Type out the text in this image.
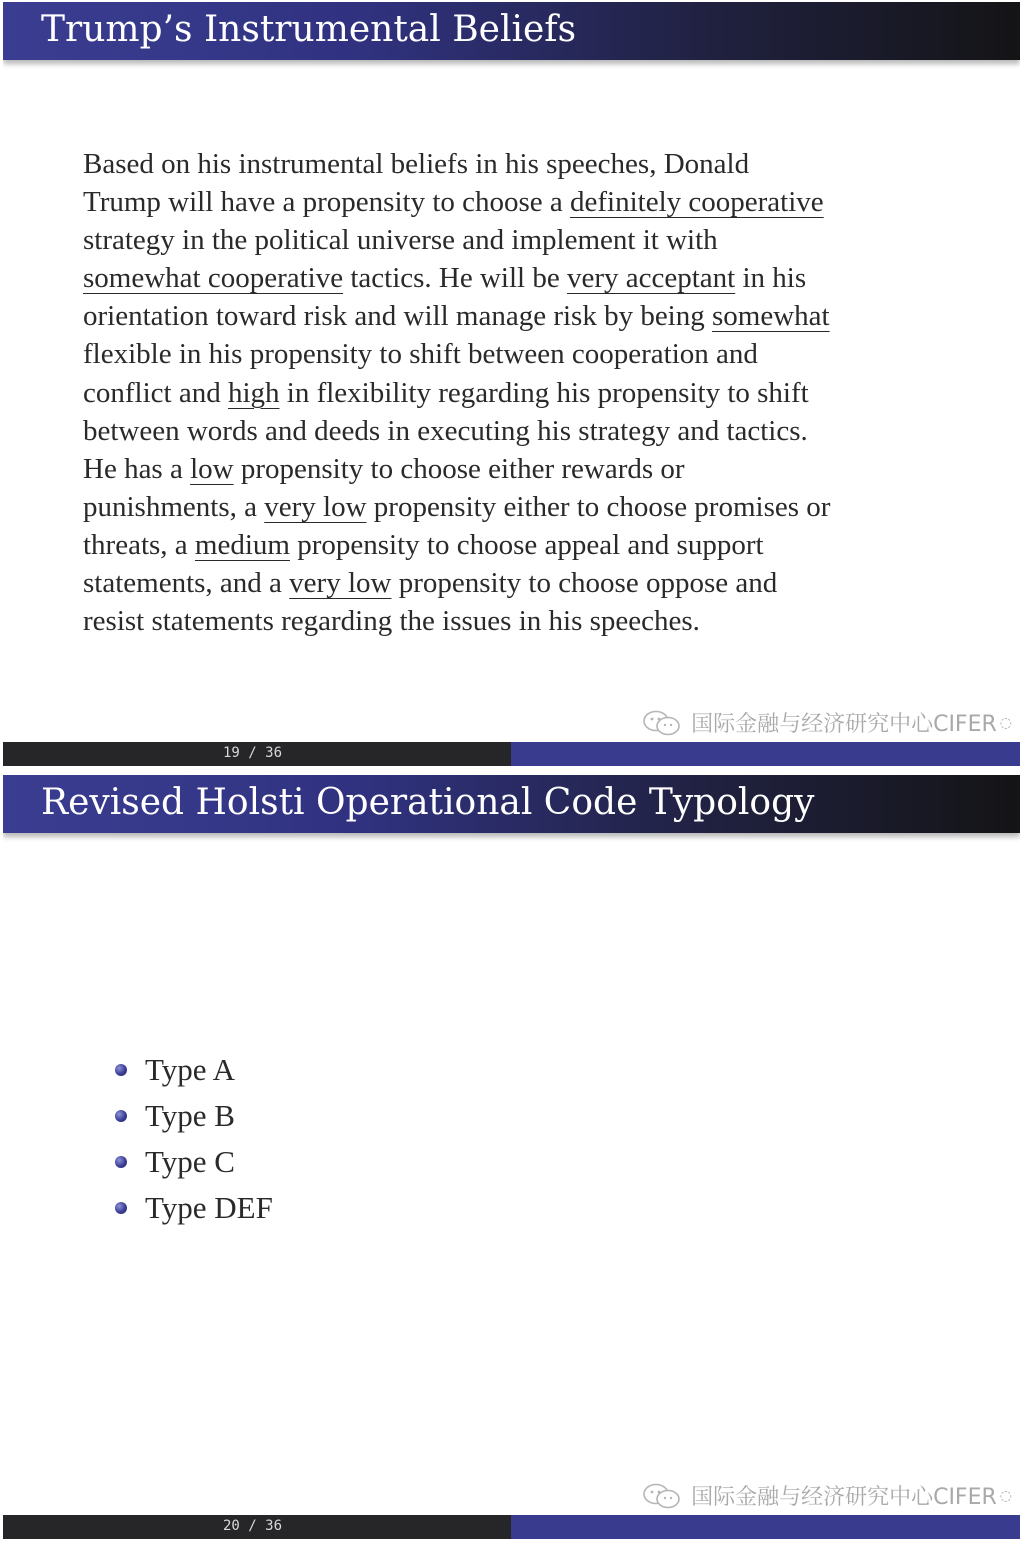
Trump’s Instrumental Beliefs
Based on his instrumental beliefs in his speeches, Donald
Trump will have a propensity to choose a definitely cooperative
strategy in the political universe and implement it with
somewhat cooperative tactics. He will be very acceptant in his
orientation toward risk and will manage risk by being somewhat
flexible in his propensity to shift between cooperation and
conflict and high in flexibility regarding his propensity to shift
between words and deeds in executing his strategy and tactics.
He has a low propensity to choose either rewards or
punishments, a very low propensity either to choose promises or
threats, a medium propensity to choose appeal and support
statements, and a very low propensity to choose oppose and
resist statements regarding the issues in his speeches.
国际金融与经济研究中心CIFER ◌
19 / 36
Revised Holsti Operational Code Typology
Type A
Type B
Type C
Type DEF
国际金融与经济研究中心CIFER ◌
20 / 36
